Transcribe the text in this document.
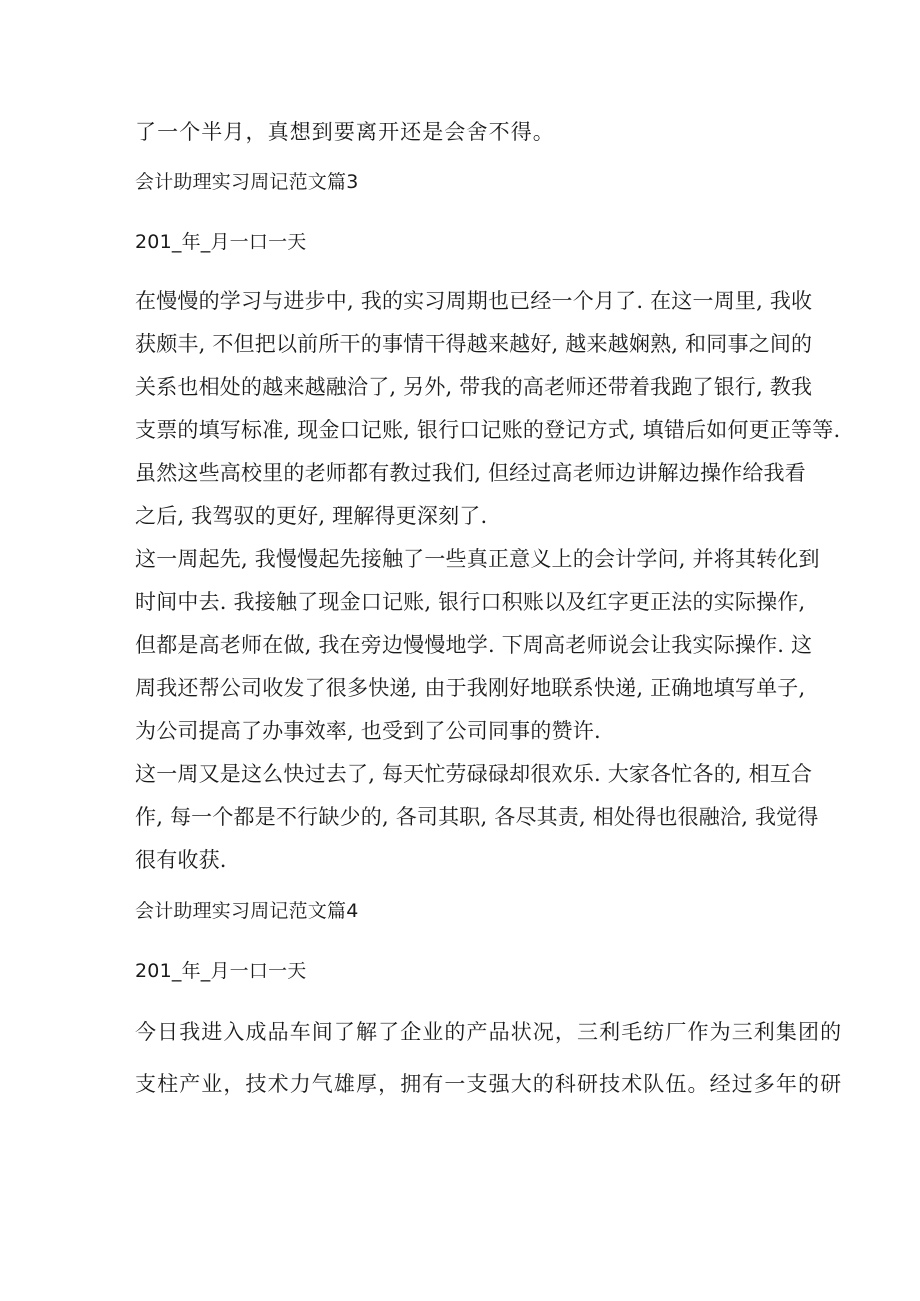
了一个半月，真想到要离开还是会舍不得。
会计助理实习周记范文篇3
201_年_月一口一天
在慢慢的学习与进步中, 我的实习周期也已经一个月了. 在这一周里, 我收
获颇丰, 不但把以前所干的事情干得越来越好, 越来越娴熟, 和同事之间的
关系也相处的越来越融洽了, 另外, 带我的高老师还带着我跑了银行, 教我
支票的填写标准, 现金口记账, 银行口记账的登记方式, 填错后如何更正等等.
虽然这些高校里的老师都有教过我们, 但经过高老师边讲解边操作给我看
之后, 我驾驭的更好, 理解得更深刻了.
这一周起先, 我慢慢起先接触了一些真正意义上的会计学问, 并将其转化到
时间中去. 我接触了现金口记账, 银行口积账以及红字更正法的实际操作,
但都是高老师在做, 我在旁边慢慢地学. 下周高老师说会让我实际操作. 这
周我还帮公司收发了很多快递, 由于我刚好地联系快递, 正确地填写单子,
为公司提高了办事效率, 也受到了公司同事的赞许.
这一周又是这么快过去了, 每天忙劳碌碌却很欢乐. 大家各忙各的, 相互合
作, 每一个都是不行缺少的, 各司其职, 各尽其责, 相处得也很融洽, 我觉得
很有收获.
会计助理实习周记范文篇4
201_年_月一口一天
今日我进入成品车间了解了企业的产品状况，三利毛纺厂作为三利集团的
支柱产业，技术力气雄厚，拥有一支强大的科研技术队伍。经过多年的研
